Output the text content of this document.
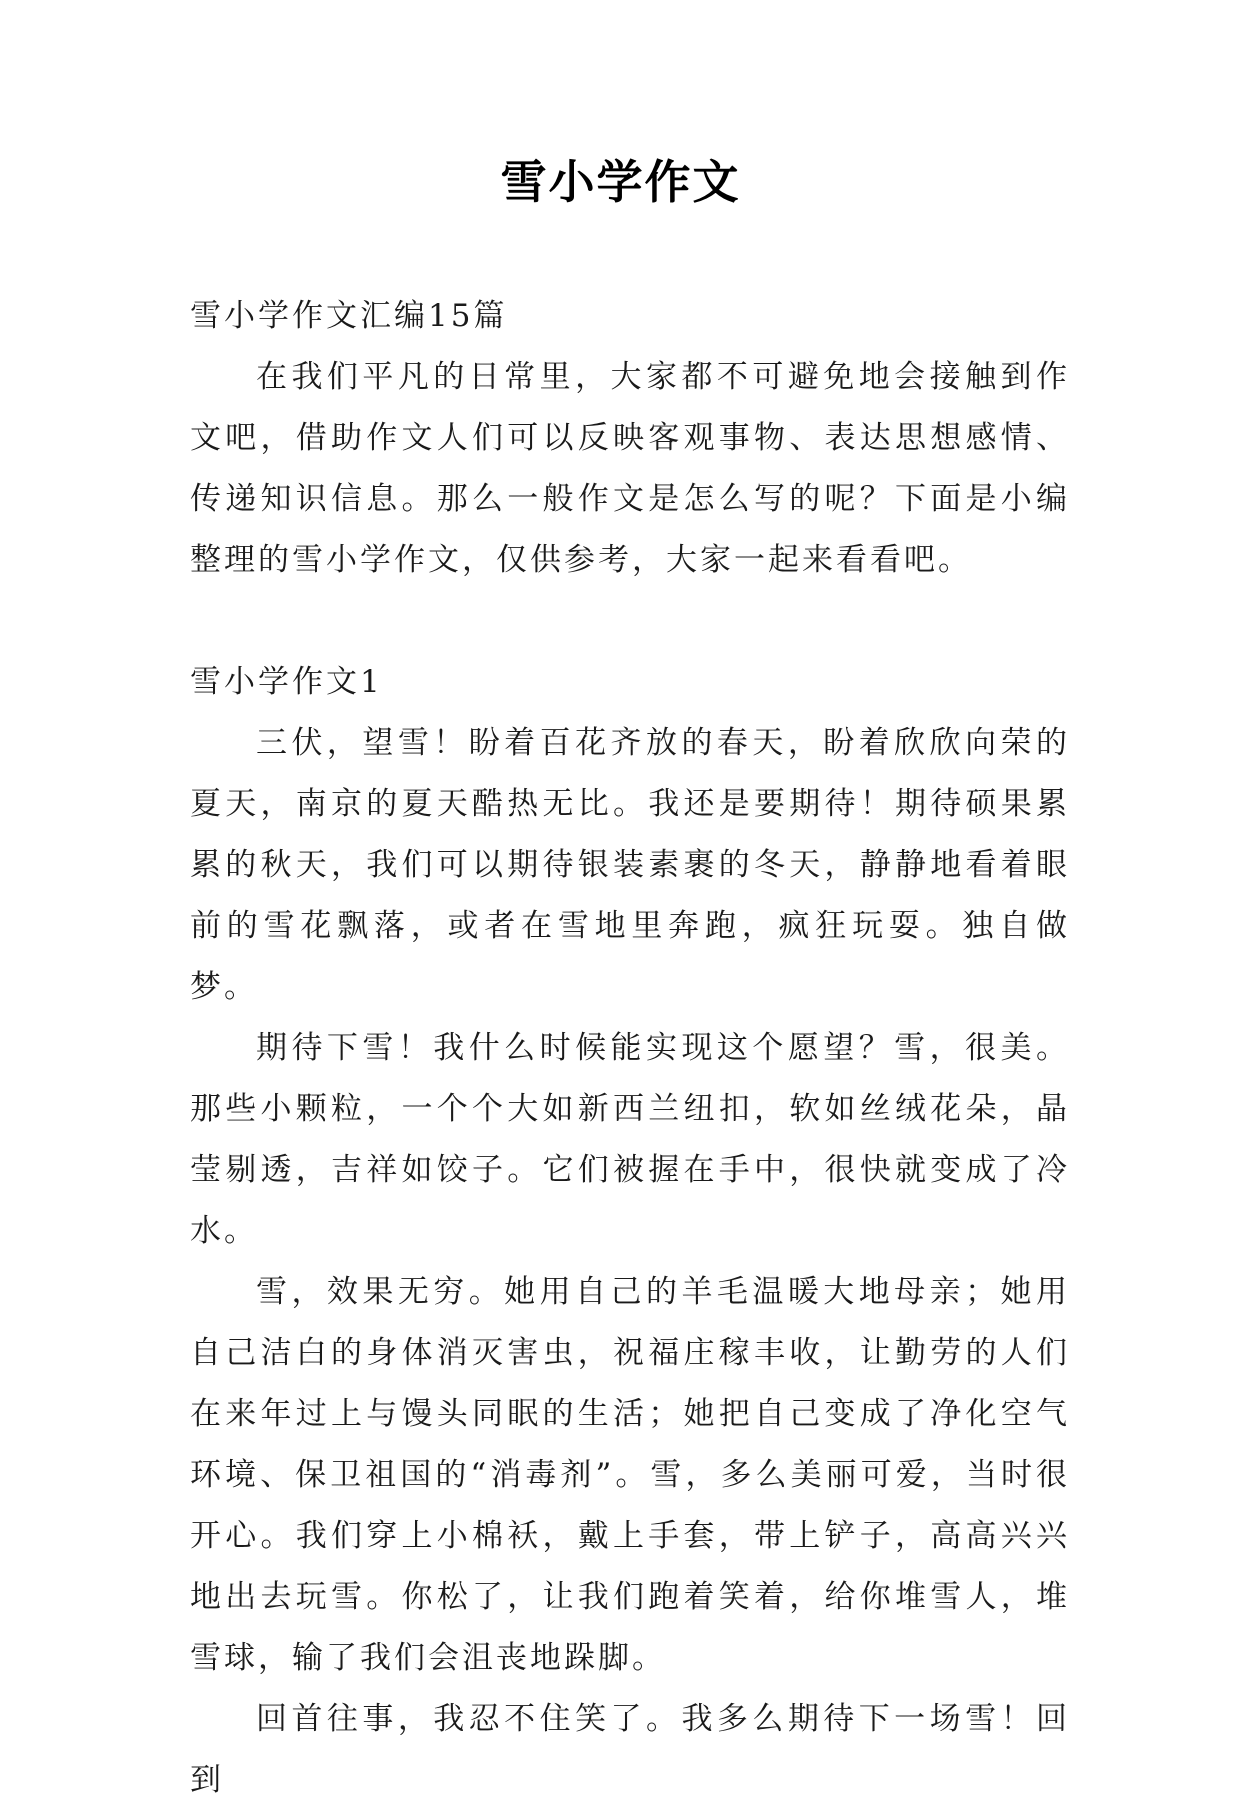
雪小学作文

雪小学作文汇编15篇

在我们平凡的日常里，大家都不可避免地会接触到作文吧，借助作文人们可以反映客观事物、表达思想感情、传递知识信息。那么一般作文是怎么写的呢？下面是小编整理的雪小学作文，仅供参考，大家一起来看看吧。

雪小学作文1

三伏，望雪！盼着百花齐放的春天，盼着欣欣向荣的夏天，南京的夏天酷热无比。我还是要期待！期待硕果累累的秋天，我们可以期待银装素裹的冬天，静静地看着眼前的雪花飘落，或者在雪地里奔跑，疯狂玩耍。独自做梦。

期待下雪！我什么时候能实现这个愿望？雪，很美。那些小颗粒，一个个大如新西兰纽扣，软如丝绒花朵，晶莹剔透，吉祥如饺子。它们被握在手中，很快就变成了冷水。

雪，效果无穷。她用自己的羊毛温暖大地母亲；她用自己洁白的身体消灭害虫，祝福庄稼丰收，让勤劳的人们在来年过上与馒头同眠的生活；她把自己变成了净化空气环境、保卫祖国的“消毒剂”。雪，多么美丽可爱，当时很开心。我们穿上小棉袄，戴上手套，带上铲子，高高兴兴地出去玩雪。你松了，让我们跑着笑着，给你堆雪人，堆雪球，输了我们会沮丧地跺脚。

回首往事，我忍不住笑了。我多么期待下一场雪！回到
